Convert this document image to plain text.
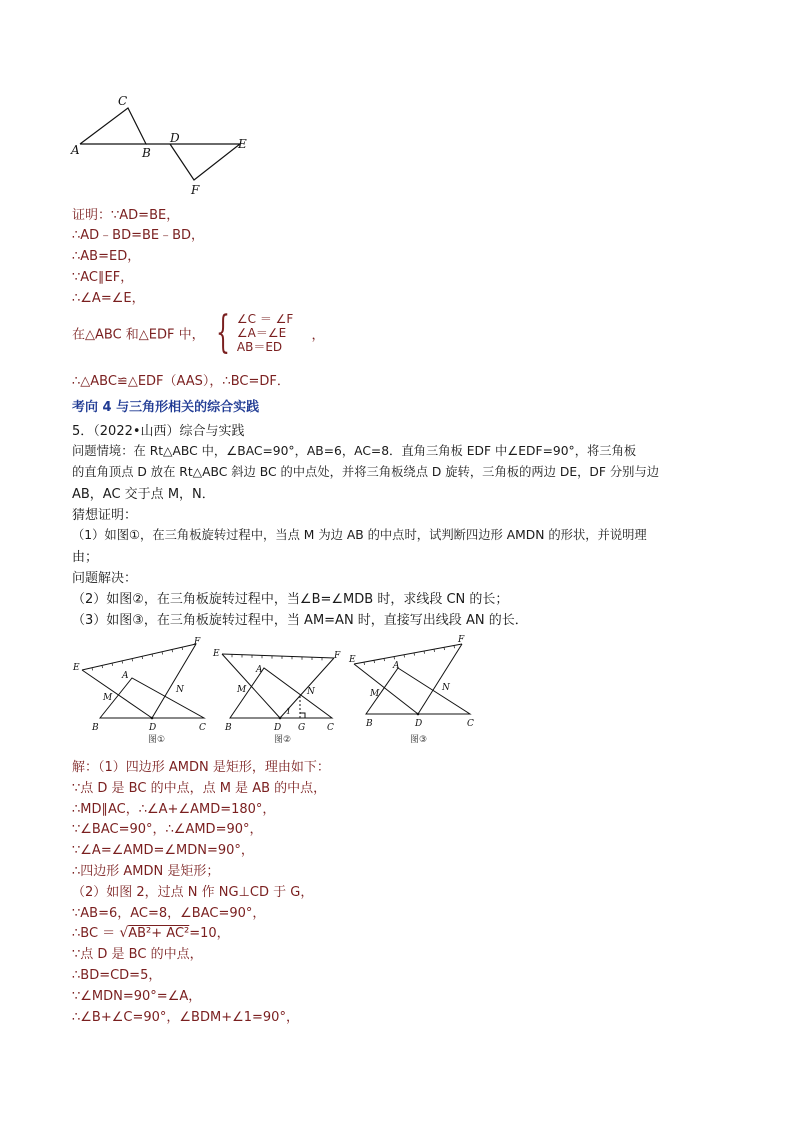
A
C
B
D	E
F
证明：∵AD=BE，
∴AD﹣BD=BE﹣BD，
∴AB=ED，
∵AC∥EF，
∴∠A=∠E，
在△ABC 和△EDF 中， { ∠C ＝ ∠F
∠A＝∠E
AB＝ED
，
∴△ABC≌△EDF（AAS），∴BC=DF．
考向 4 与三角形相关的综合实践
5．（2022•山西）综合与实践
问题情境：在 Rt△ABC 中，∠BAC=90°，AB=6，AC=8．直角三角板 EDF 中∠EDF=90°，将三角板
的直角顶点 D 放在 Rt△ABC 斜边 BC 的中点处，并将三角板绕点 D 旋转，三角板的两边 DE，DF 分别与边
AB，AC 交于点 M，N．
猜想证明：
（1）如图①，在三角板旋转过程中，当点 M 为边 AB 的中点时，试判断四边形 AMDN 的形状，并说明理
由；
问题解决：
（2）如图②，在三角板旋转过程中，当∠B=∠MDB 时，求线段 CN 的长；
（3）如图③，在三角板旋转过程中，当 AM=AN 时，直接写出线段 AN 的长．
E
F
A
M
N
B	D	C
图①
E	F
A
M	N
1
B	D G C
图②
E
F
A
M
N
B	D	C
图③
解：（1）四边形 AMDN 是矩形，理由如下：
∵点 D 是 BC 的中点，点 M 是 AB 的中点，
∴MD∥AC，∴∠A+∠AMD=180°，
∵∠BAC=90°，∴∠AMD=90°，
∵∠A=∠AMD=∠MDN=90°，
∴四边形 AMDN 是矩形；
（2）如图 2，过点 N 作 NG⊥CD 于 G，
∵AB=6，AC=8，∠BAC=90°，
∴BC ＝ √AB²+ AC²=10，
∵点 D 是 BC 的中点，
∴BD=CD=5，
∵∠MDN=90°=∠A，
∴∠B+∠C=90°，∠BDM+∠1=90°，
